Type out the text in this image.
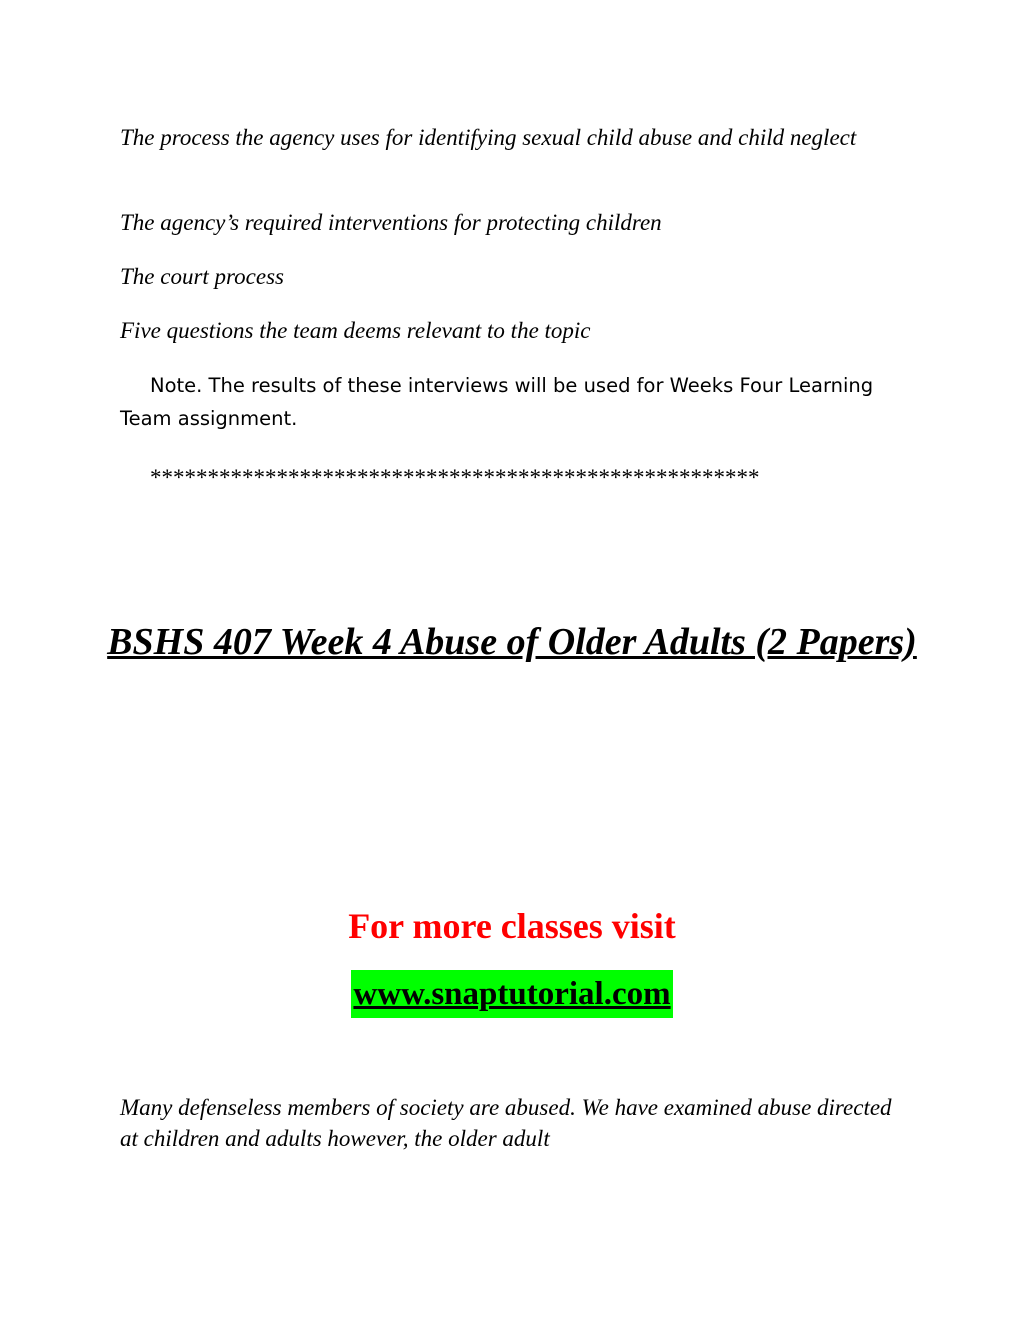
The process the agency uses for identifying sexual child abuse and child neglect

The agency’s required interventions for protecting children

The court process

Five questions the team deems relevant to the topic

Note. The results of these interviews will be used for Weeks Four Learning Team assignment.

*****************************************************

BSHS 407 Week 4 Abuse of Older Adults (2 Papers)

For more classes visit

www.snaptutorial.com

Many defenseless members of society are abused. We have examined abuse directed at children and adults however, the older adult
